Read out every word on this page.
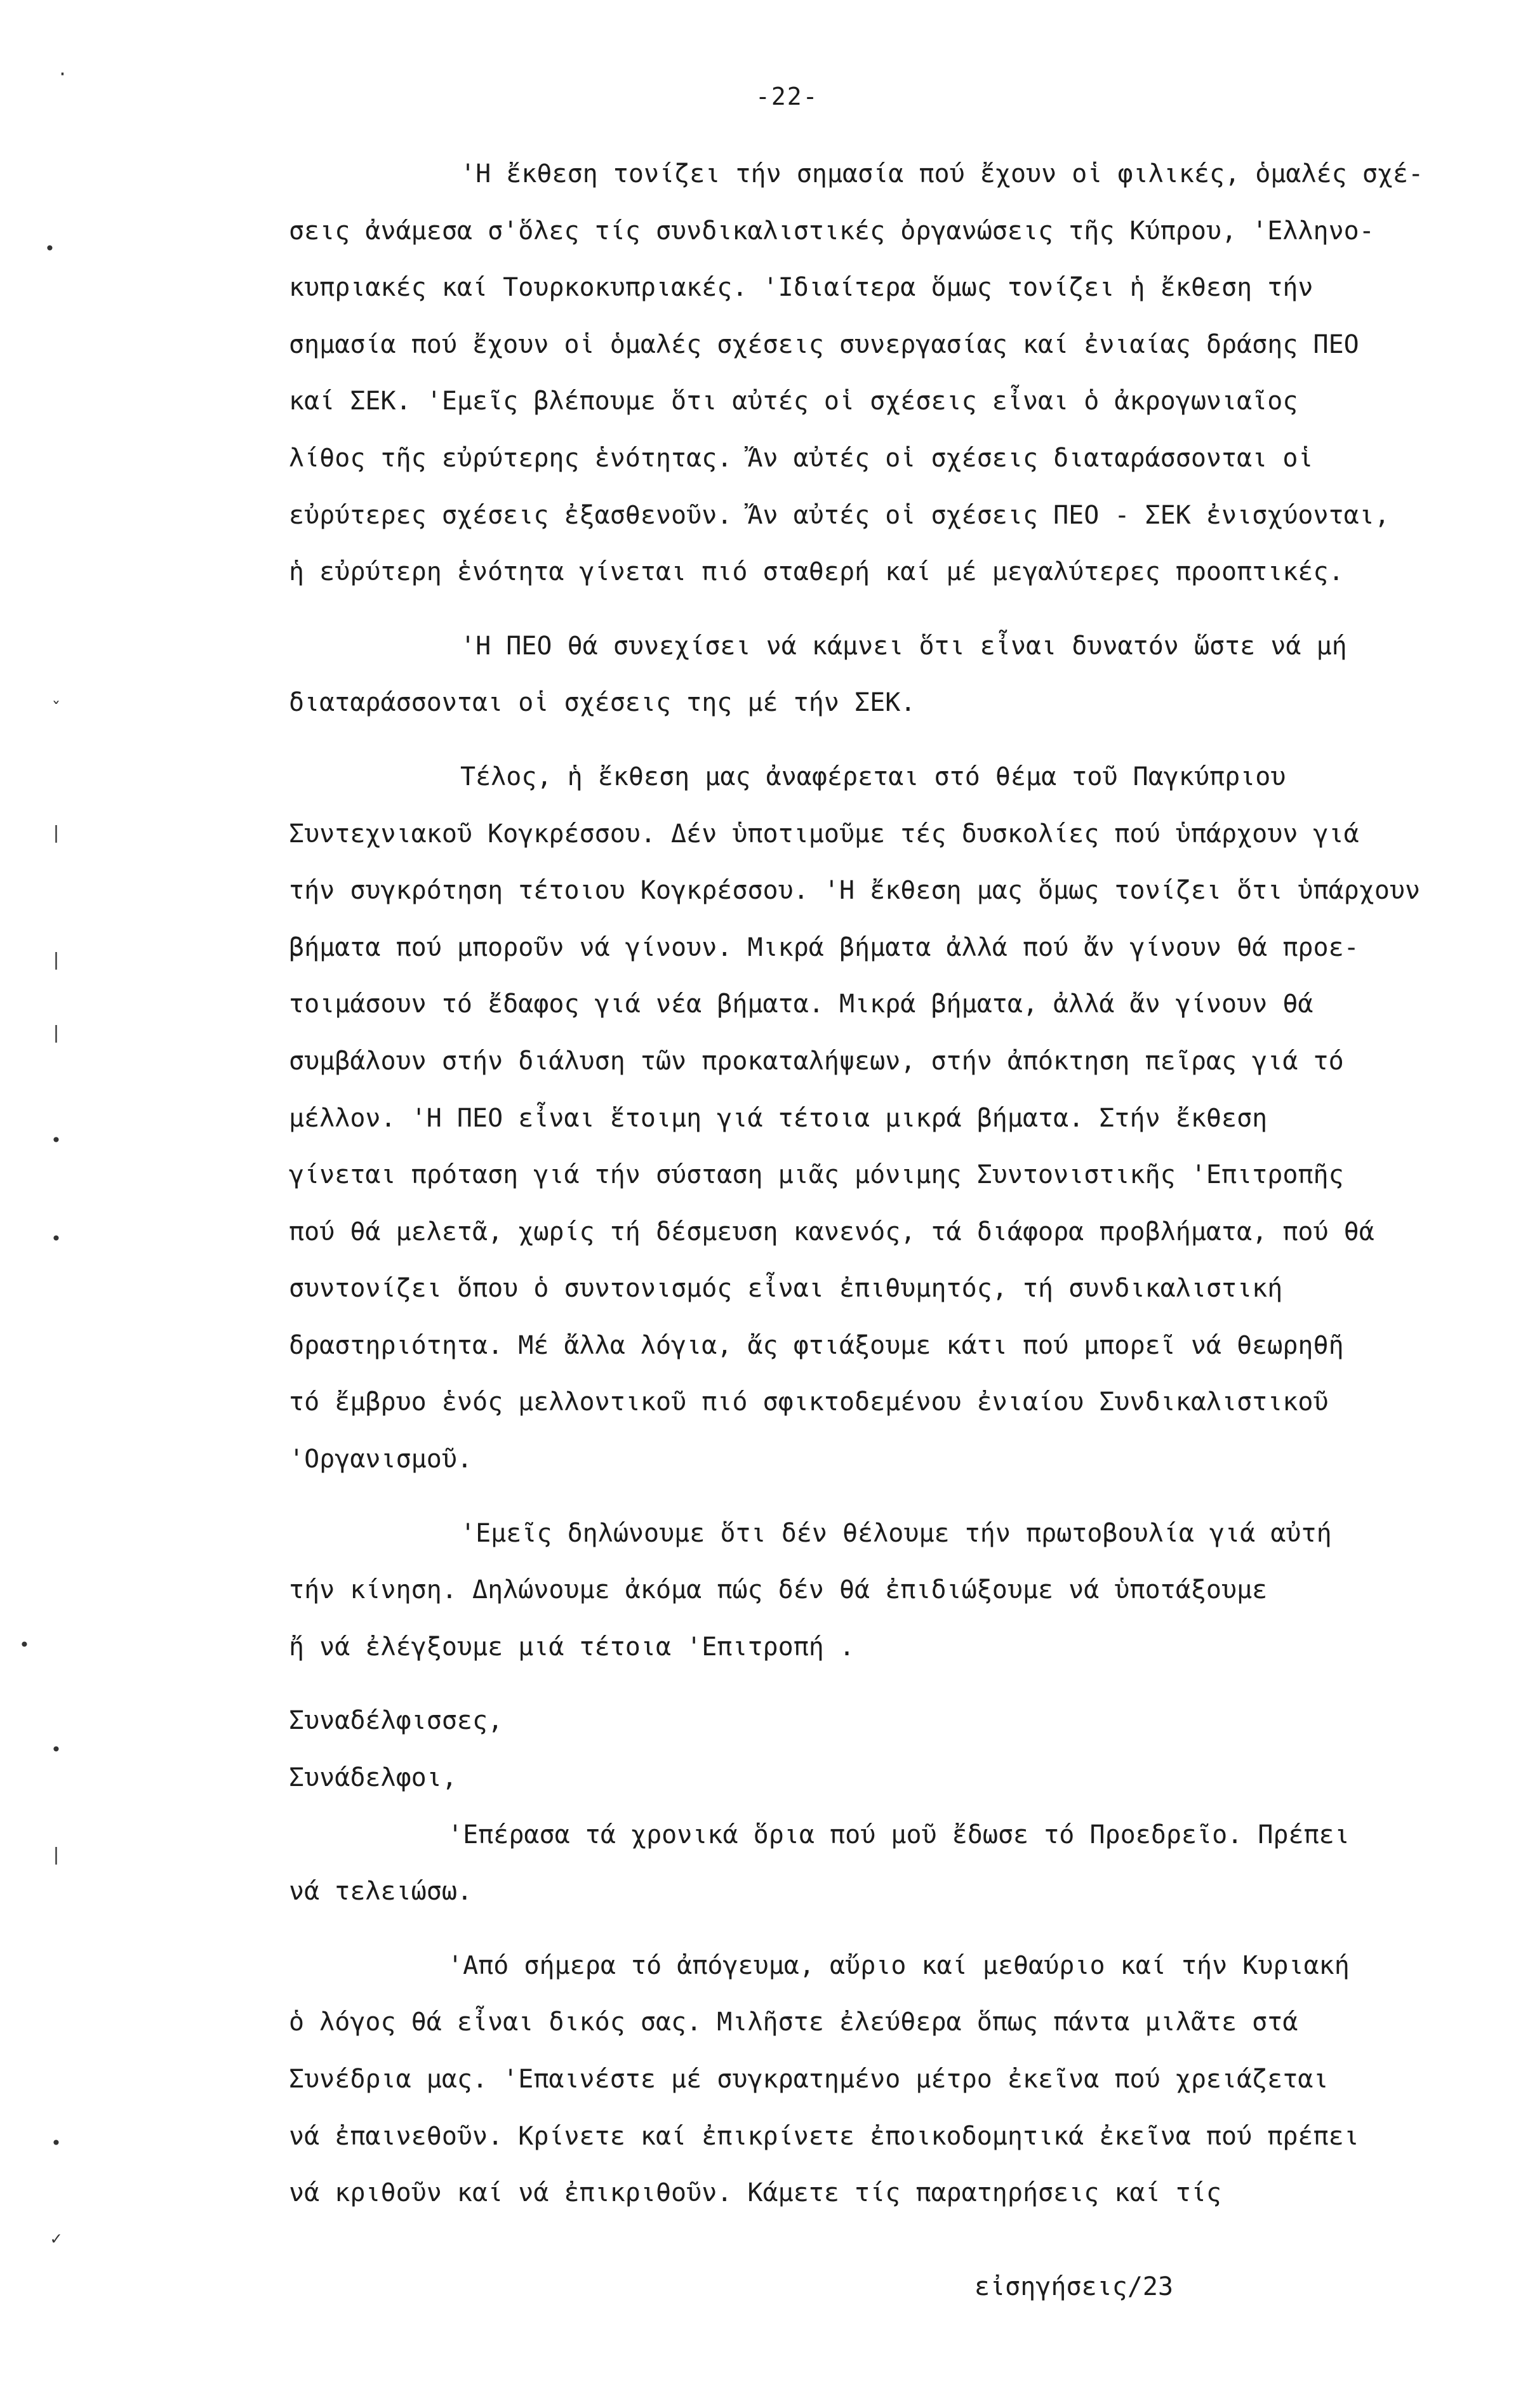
-22-
'Η ἔκθεση τονίζει τήν σημασία πού ἔχουν οἱ φιλικές, ὁμαλές σχέ-
σεις ἀνάμεσα σ'ὅλες τίς συνδικαλιστικές ὀργανώσεις τῆς Κύπρου, 'Ελληνο-
κυπριακές καί Τουρκοκυπριακές. 'Ιδιαίτερα ὅμως τονίζει ἡ ἔκθεση τήν
σημασία πού ἔχουν οἱ ὁμαλές σχέσεις συνεργασίας καί ἐνιαίας δράσης ΠΕΟ
καί ΣΕΚ. 'Εμεῖς βλέπουμε ὅτι αὐτές οἱ σχέσεις εἶναι ὁ ἀκρογωνιαῖος
λίθος τῆς εὐρύτερης ἑνότητας. Ἄν αὐτές οἱ σχέσεις διαταράσσονται οἱ
εὐρύτερες σχέσεις ἐξασθενοῦν. Ἄν αὐτές οἱ σχέσεις ΠΕΟ - ΣΕΚ ἐνισχύονται,
ἡ εὐρύτερη ἑνότητα γίνεται πιό σταθερή καί μέ μεγαλύτερες προοπτικές.
'Η ΠΕΟ θά συνεχίσει νά κάμνει ὅτι εἶναι δυνατόν ὥστε νά μή
διαταράσσονται οἱ σχέσεις της μέ τήν ΣΕΚ.
Τέλος, ἡ ἔκθεση μας ἀναφέρεται στό θέμα τοῦ Παγκύπριου
Συντεχνιακοῦ Κογκρέσσου. Δέν ὑποτιμοῦμε τές δυσκολίες πού ὑπάρχουν γιά
τήν συγκρότηση τέτοιου Κογκρέσσου. 'Η ἔκθεση μας ὅμως τονίζει ὅτι ὑπάρχουν
βήματα πού μποροῦν νά γίνουν. Μικρά βήματα ἀλλά πού ἄν γίνουν θά προε-
τοιμάσουν τό ἔδαφος γιά νέα βήματα. Μικρά βήματα, ἀλλά ἄν γίνουν θά
συμβάλουν στήν διάλυση τῶν προκαταλήψεων, στήν ἀπόκτηση πεῖρας γιά τό
μέλλον. 'Η ΠΕΟ εἶναι ἕτοιμη γιά τέτοια μικρά βήματα. Στήν ἔκθεση
γίνεται πρόταση γιά τήν σύσταση μιᾶς μόνιμης Συντονιστικῆς 'Επιτροπῆς
πού θά μελετᾶ, χωρίς τή δέσμευση κανενός, τά διάφορα προβλήματα, πού θά
συντονίζει ὅπου ὁ συντονισμός εἶναι ἐπιθυμητός, τή συνδικαλιστική
δραστηριότητα. Μέ ἄλλα λόγια, ἄς φτιάξουμε κάτι πού μπορεῖ νά θεωρηθῆ
τό ἔμβρυο ἑνός μελλοντικοῦ πιό σφικτοδεμένου ἐνιαίου Συνδικαλιστικοῦ
'Οργανισμοῦ.
'Εμεῖς δηλώνουμε ὅτι δέν θέλουμε τήν πρωτοβουλία γιά αὐτή
τήν κίνηση. Δηλώνουμε ἀκόμα πώς δέν θά ἐπιδιώξουμε νά ὑποτάξουμε
ἤ νά ἐλέγξουμε μιά τέτοια 'Επιτροπή .
Συναδέλφισσες,
Συνάδελφοι,
'Επέρασα τά χρονικά ὅρια πού μοῦ ἔδωσε τό Προεδρεῖο. Πρέπει
νά τελειώσω.
'Από σήμερα τό ἀπόγευμα, αὔριο καί μεθαύριο καί τήν Κυριακή
ὁ λόγος θά εἶναι δικός σας. Μιλῆστε ἐλεύθερα ὅπως πάντα μιλᾶτε στά
Συνέδρια μας. 'Επαινέστε μέ συγκρατημένο μέτρο ἐκεῖνα πού χρειάζεται
νά ἐπαινεθοῦν. Κρίνετε καί ἐπικρίνετε ἐποικοδομητικά ἐκεῖνα πού πρέπει
νά κριθοῦν καί νά ἐπικριθοῦν. Κάμετε τίς παρατηρήσεις καί τίς
εἰσηγήσεις/23
·
•
ˇ
|
|
|
•
•
•
•
|
•
✓
